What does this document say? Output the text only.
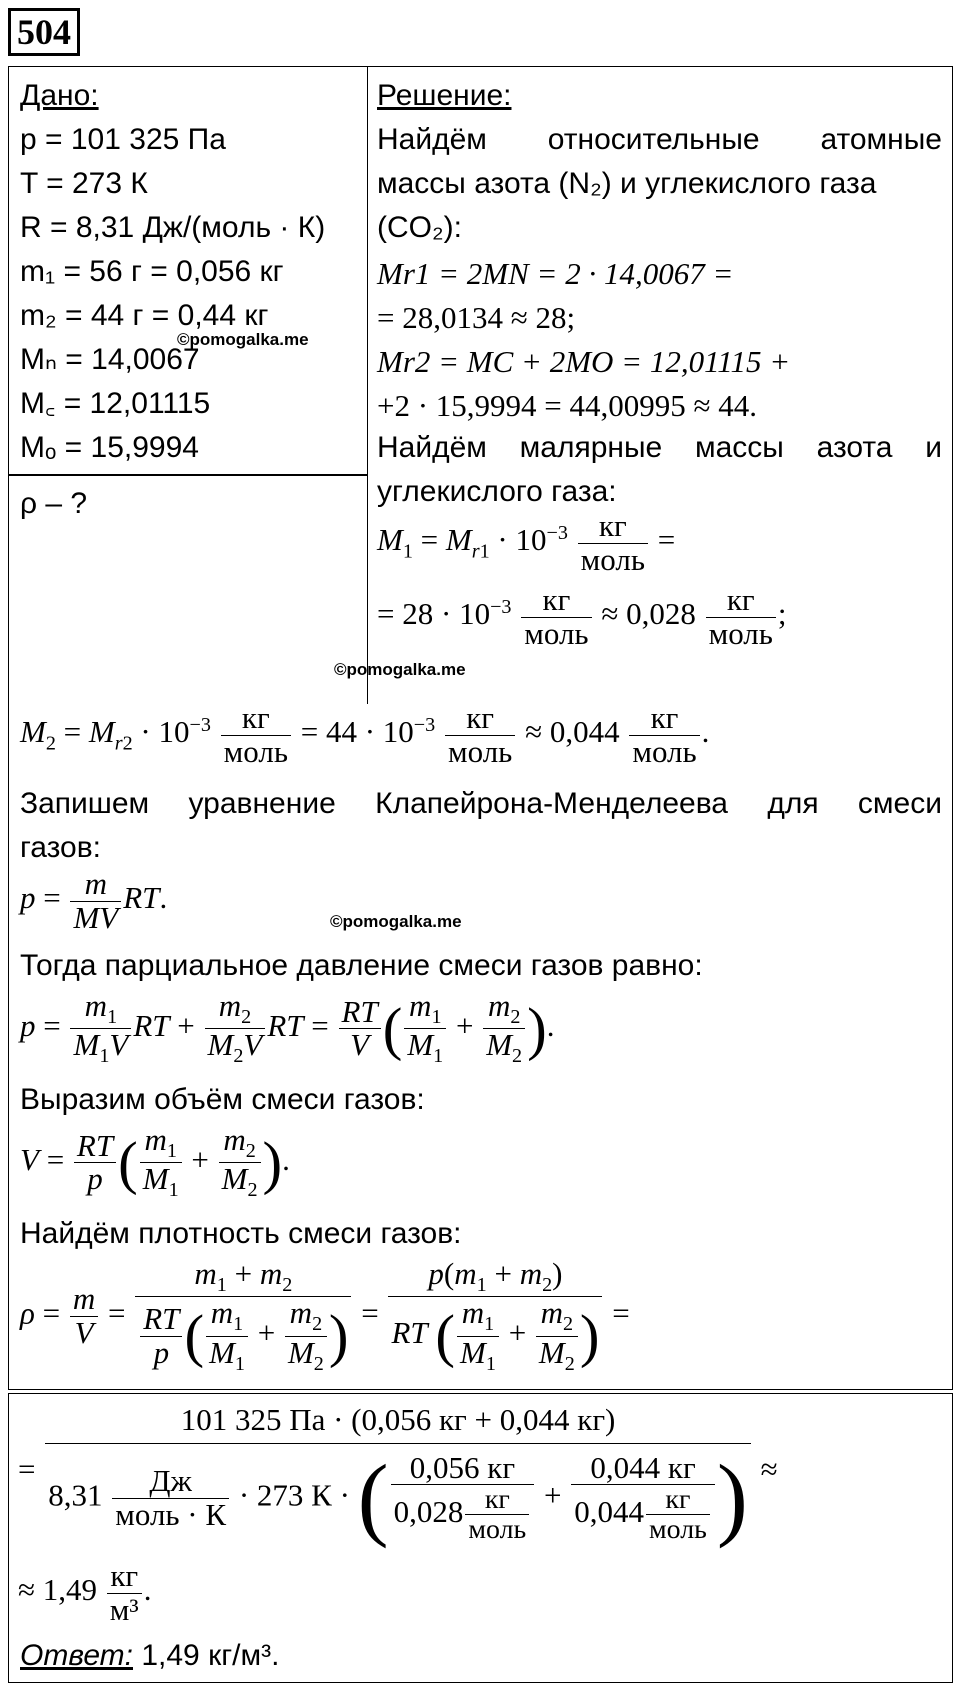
504
Дано:
p = 101 325 Па
T = 273 К
R = 8,31 Дж/(моль · К)
m₁ = 56 г = 0,056 кг
m₂ = 44 г = 0,44 кг
Mₙ = 14,0067
M꜀ = 12,01115
Mₒ = 15,9994
ρ – ?
Решение:
Найдём относительные атомные
массы азота (N₂) и углекислого газа
(CO₂):
Mr1 = 2MN = 2 · 14,0067 =
= 28,0134 ≈ 28;
Mr2 = MC + 2MO = 12,01115 +
+2 · 15,9994 = 44,00995 ≈ 44.
Найдём малярные массы азота и
углекислого газа:
$M_1 = M_{r1} \cdot 10^{-3} \frac{кг}{\text{моль}}$ =
= $28 \cdot 10^{-3} \frac{кг}{\text{моль}} \approx 0,028 \frac{кг}{\text{моль}}$ ;
$M_2 = M_{r2} \cdot 10^{-3} \frac{кг}{\text{моль}} = 44 \cdot 10^{-3} \frac{кг}{\text{моль}} \approx 0,044 \frac{кг}{\text{моль}}$ .
Запишем уравнение Клапейрона-Менделеева для смеси
газов:
$p = \frac{m}{MV}$ RT.
Тогда парциальное давление смеси газов равно:
$p = \frac{m_1}{M_1V}$ RT + $\frac{m_2}{M_2V}$ RT = $\frac{RT}{V}$ ( $\frac{m_1}{M_1} + \frac{m_2}{M_2}$ ).
Выразим объём смеси газов:
$V = \frac{RT}{p}$ ( $\frac{m_1}{M_1} + \frac{m_2}{M_2}$ ).
Найдём плотность смеси газов:
$\rho = \frac{m}{V} = \frac{m_1 + m_2}{\frac{RT}{p} ( \frac{m_1}{M_1} + \frac{m_2}{M_2} )} = \frac{p(m_1 + m_2)}{RT ( \frac{m_1}{M_1} + \frac{m_2}{M_2} )}$ =
=
101 325 Па · (0,056 кг + 0,044 кг)
$8,31 \frac{Дж}{\text{моль · К}} \cdot 273$ К · ( $\frac{0,056 кг}{0,028 \frac{кг}{\text{моль}}} + \frac{0,044 кг}{0,044 \frac{кг}{\text{моль}}}$ ) ≈
≈ $1,49 \frac{кг}{\text{м³}}$ .
Ответ: 1,49 кг/м³.
©pomogalka.me
©pomogalka.me
©pomogalka.me
